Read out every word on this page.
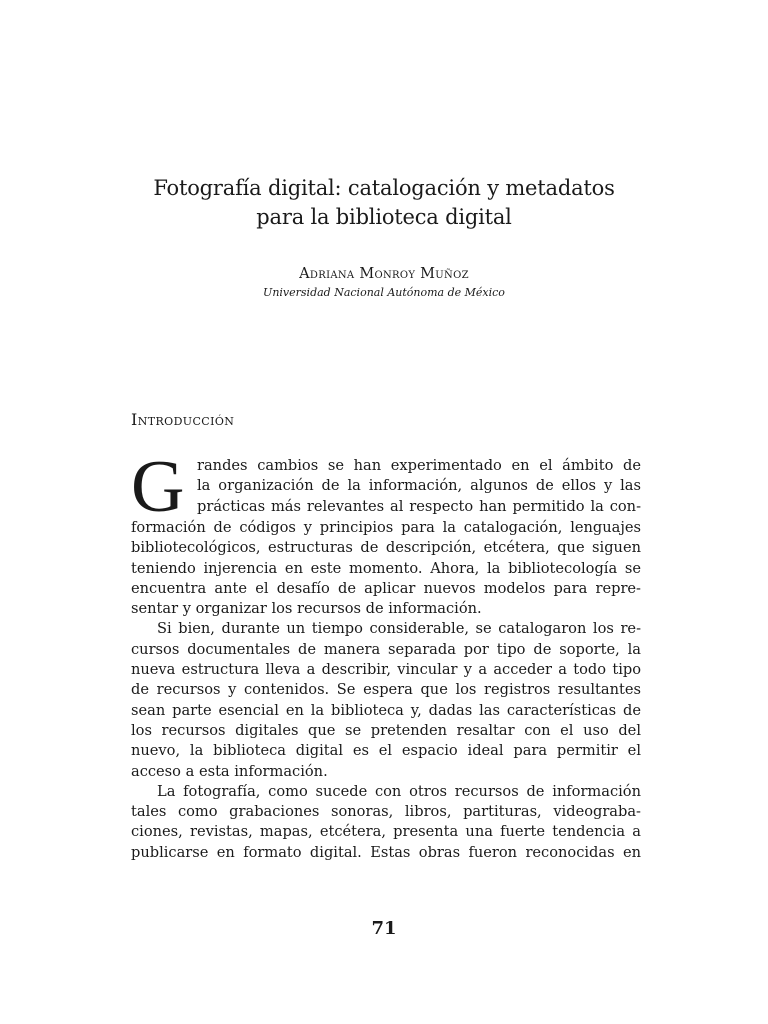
Fotografía digital: catalogación y metadatos
para la biblioteca digital
Adriana Monroy Muñoz
Universidad Nacional Autónoma de México
Introducción
G randes cambios se han experimentado en el ámbito de
la organización de la información, algunos de ellos y las
prácticas más relevantes al respecto han permitido la con-
formación de códigos y principios para la catalogación, lenguajes
bibliotecológicos, estructuras de descripción, etcétera, que siguen
teniendo injerencia en este momento. Ahora, la bibliotecología se
encuentra ante el desafío de aplicar nuevos modelos para repre-
sentar y organizar los recursos de información.
Si bien, durante un tiempo considerable, se catalogaron los re-
cursos documentales de manera separada por tipo de soporte, la
nueva estructura lleva a describir, vincular y a acceder a todo tipo
de recursos y contenidos. Se espera que los registros resultantes
sean parte esencial en la biblioteca y, dadas las características de
los recursos digitales que se pretenden resaltar con el uso del
nuevo, la biblioteca digital es el espacio ideal para permitir el
acceso a esta información.
La fotografía, como sucede con otros recursos de información
tales como grabaciones sonoras, libros, partituras, videograba-
ciones, revistas, mapas, etcétera, presenta una fuerte tendencia a
publicarse en formato digital. Estas obras fueron reconocidas en
71
